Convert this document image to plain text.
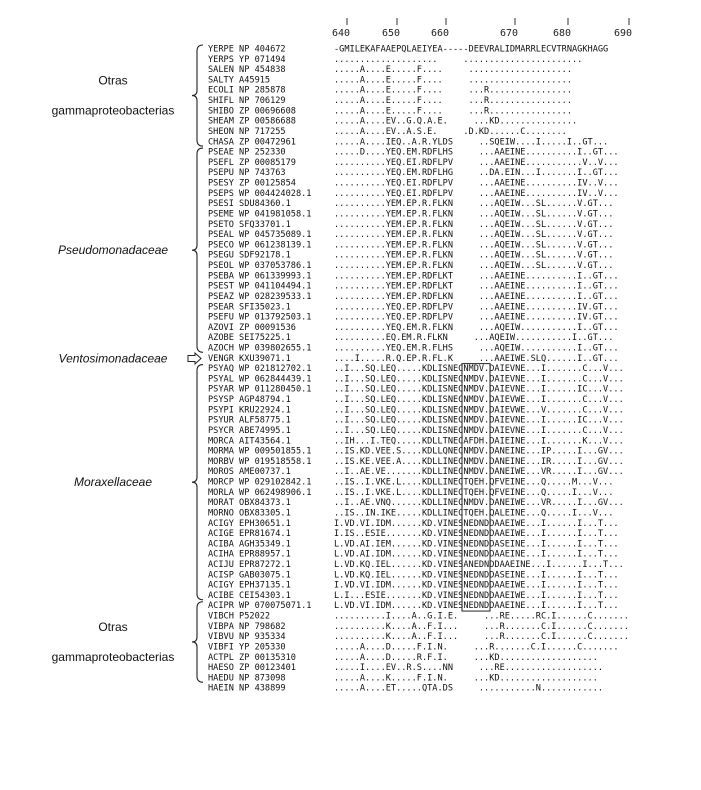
640	650	660	670	680	690
Otras
gammaproteobacterias
Pseudomonadaceae
Ventosimonadaceae
Moraxellaceae
Otras
gammaproteobacterias
YERPE NP 404672	-GMILEKAFAAEPQLAEIYEA-----DEEVRALIDMARRLECVTRNAGKHAGG
YERPS YP 071494	....................     .......................
SALEN NP 454838	.....A....E.....F....     ....................
SALTY A45915	.....A....E.....F....     ....................
ECOLI NP 285878	.....A....E.....F....     ...R................
SHIFL NP 706129	.....A....E.....F....     ...R................
SHIBO ZP 00696608	.....A....E.....F....     ...R................
SHEAM ZP 00586688	.....A....EV..G.Q.A.E.     ...KD...............
SHEON NP 717255	.....A....EV..A.S.E.     .D.KD......C........
CHASA ZP 00472961	.....A....IEQ..A.R.YLDS     ..SQEIW....I.....I..GT...
PSEAE NP 252330	.....D....YEQ.EM.RDFLHS     ...AAEINE..........I..GT...
PSEFL ZP 00085179	..........YEQ.EI.RDFLPV     ...AAEINE...........V..V...
PSEPU NP 743763	..........YEQ.EM.RDFLHG     ..DA.EIN...I.......I..GT...
PSESY ZP 00125854	..........YEQ.EI.RDFLPV     ...AAEINE..........IV..V...
PSEPS WP 004424028.1	..........YEQ.EI.RDFLPV     ...AAEINE..........IV..V...
PSESI SDU84360.1	..........YEM.EP.R.FLKN     ...AQEIW...SL......V.GT...
PSEME WP 041981058.1	..........YEM.EP.R.FLKN     ...AQEIW...SL......V.GT...
PSETO SFQ33701.1	..........YEM.EP.R.FLKN     ...AQEIW...SL......V.GT...
PSEAL WP 045735089.1	..........YEM.EP.R.FLKN     ...AQEIW...SL......V.GT...
PSECO WP 061238139.1	..........YEM.EP.R.FLKN     ...AQEIW...SL......V.GT...
PSEGU SDF92178.1	..........YEM.EP.R.FLKN     ...AQEIW...SL......V.GT...
PSEOL WP 037053786.1	..........YEM.EP.R.FLKN     ...AQEIW...SL......V.GT...
PSEBA WP 061339993.1	..........YEM.EP.RDFLKT     ...AAEINE..........I..GT...
PSEST WP 041104494.1	..........YEM.EP.RDFLKT     ...AAEINE..........I..GT...
PSEAZ WP 028239533.1	..........YEM.EP.RDFLKN     ...AAEINE..........I..GT...
PSEAR SFI35023.1	..........YEQ.EP.RDFLPV     ...AAEINE..........IV.GT...
PSEFU WP 013792503.1	..........YEQ.EP.RDFLPV     ...AAEINE..........IV.GT...
AZOVI ZP 00091536	..........YEQ.EM.R.FLKN     ...AQEIW...........I..GT...
AZOBE SEI75225.1	..........EQ.EM.R.FLKN     ...AQEIW...........I..GT...
AZOCH WP 039802655.1	..........YEQ.EM.R.FLHS     ...AQEIW...........I..GT...
VENGR KXU39071.1	....I.....R.Q.EP.R.FL.K     ...AAEIWE.SLQ......I..GT...
PSYAQ WP 021812702.1	..I...SQ.LEQ.....KDLISNECNMDV.DAIEVNE...I.......C...V...
PSYAL WP 062844439.1	..I...SQ.LEQ.....KDLISNECNMDV.DAIEVNE...I.......C...V...
PSYAR WP 011280450.1	..I...SQ.LEQ.....KDLISNECNMDV.DAIEVNE...I......IC...V...
PSYSP AGP48794.1	..I...SQ.LEQ.....KDLISNECNMDV.DAIEVWE...I.......C...V...
PSYPI KRU22924.1	..I...SQ.LEQ.....KDLISNECNMDV.DAIEVWE...V.......C...V...
PSYUR ALF58775.1	..I...SQ.LEQ.....KDLISNECNMDV.DAIEVNE...I......IC...V...
PSYCR ABE74995.1	..I...SQ.LEQ.....KDLISNECNMDV.DAIEVNE...I.......C...V...
MORCA AIT43564.1	..IH...I.TEQ.....KDLLTNECAFDH.DAIEINE...I.......K...V...
MORMA WP 009501855.1	..IS.KD.VEE.S....KDLLQNECNMDV.DANEINE...IP.....I...GV...
MORBV WP 019518558.1	..IS.KE.VEE.A....KDLLINECNMDV.DANEINE...IR.....I...GV...
MOROS AME00737.1	..I..AE.VE.......KDLLINECNMDV.DANEIWE...VR.....I...GV...
MORCP WP 029102842.1	..IS..I.VKE.L....KDLLINECTQEH.QFVEINE...Q.....M...V...
MORLA WP 062498906.1	..IS..I.VKE.L....KDLLINECTQEH.QFVEINE...Q.....I...V...
MORAT OBX84373.1	..I..AE.VNQ......KDLLINECNMDV.DANEIWE...VR.....I...GV...
MORNO OBX83305.1	..IS..IN.IKE.....KDLLINECTQEH.QALEINE...Q.....I...V...
ACIGY EPH30651.1	I.VD.VI.IDM......KD.VINESNEDNDDAAEIWE...I......I...T...
ACIGE EPR81674.1	I.IS..ESIE.......KD.VINESNEDNDDAAEIWE...I......I...T...
ACIBA AGH35349.1	L.VD.AI.IEM......KD.VINESNEDNDDASEINE...I......I...T...
ACIHA EPR88957.1	L.VD.AI.IDM......KD.VINESNEDNDDAAEINE...I......I...T...
ACIJU EPR87272.1	L.VD.KQ.IEL......KD.VINESANEDNDDAAEINE...I......I...T...
ACISP GAB03075.1	L.VD.KQ.IEL......KD.VINESNEDNDDASEINE...I......I...T...
ACIGY EPH37135.1	I.VD.VI.IDM......KD.VINESNEDNDDAAEIWE...I......I...T...
ACIBE CEI54303.1	L.I...ESIE.......KD.VINESNEDNDDAAEIWE...I......I...T...
ACIPR WP 070075071.1	L.VD.VI.IDM......KD.VINESNEDNDDAAEINE...I......I...T...
VIBCH P52022	..........I....A..G.I.E.     ...RE.....RC.I......C.......
VIBPA NP 798682	..........K....A..F.I...     ...R.......C.I......C.......
VIBVU NP 935334	..........K....A..F.I...     ...R.......C.I......C.......
VIBFI YP 205330	.....A....D.....F.I.N.     ...R.......C.I......C.......
ACTPL ZP 00135310	.....A....D.....R.F.I.     ...KD...................
HAESO ZP 00123401	.....I....EV..R.S....NN     ...RE...................
HAEDU NP 873098	.....A....K.....F.I.N.     ...KD...................
HAEIN NP 438899	.....A....ET.....QTA.DS     ...........N............
